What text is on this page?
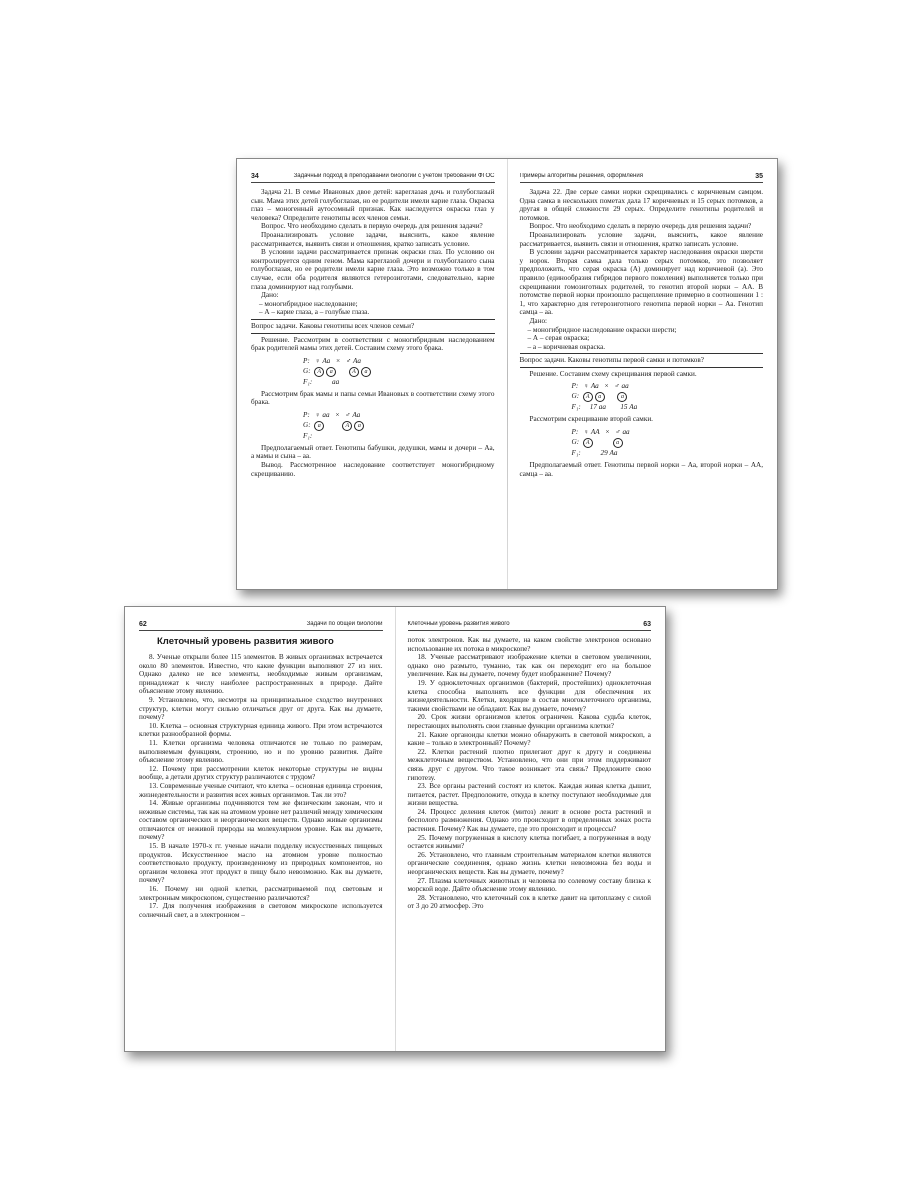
34	Задачный подход в преподавании биологии с учетом требований ФГОС

Задача 21. В семье Ивановых двое детей: кареглазая дочь и голубоглазый сын. Мама этих детей голубоглазая, но ее родители имели карие глаза. Окраска глаз – моногенный аутосомный признак. Как наследуется окраска глаз у человека? Определите генотипы всех членов семьи.

Вопрос. Что необходимо сделать в первую очередь для решения задачи?

Проанализировать условие задачи, выяснить, какое явление рассматривается, выявить связи и отношения, кратко записать условие.

В условии задачи рассматривается признак окраски глаз. По условию он контролируется одним геном. Мама кареглазой дочери и голубоглазого сына голубоглазая, но ее родители имели карие глаза. Это возможно только в том случае, если оба родителя являются гетерозиготами, следовательно, карие глаза доминируют над голубыми.

Дано:

– моногибридное наследование;
– А – карие глаза, а – голубые глаза.

Вопрос задачи. Каковы генотипы всех членов семьи?

Решение. Рассмотрим в соответствии с моногибридным наследованием брак родителей мамы этих детей. Составим схему этого брака.

P:   ♀ Аа   ×   ♂ Аа
G: А а	А а
F₁:           аа

Рассмотрим брак мамы и папы семьи Ивановых в соответствии схему этого брака.

P:   ♀ аа   ×   ♂ Аа
G: а	А а
F₁:

Предполагаемый ответ. Генотипы бабушки, дедушки, мамы и дочери – Аа, а мамы и сына – аа.

Вывод. Рассмотренное наследование соответствует моногибридному скрещиванию.

Примеры алгоритмы решения, оформления	35

Задача 22. Две серые самки норки скрещивались с коричневым самцом. Одна самка в нескольких пометах дала 17 коричневых и 15 серых потомков, а другая в общей сложности 29 серых. Определите генотипы родителей и потомков.

Вопрос. Что необходимо сделать в первую очередь для решения задачи?

Проанализировать условие задачи, выяснить, какое явление рассматривается, выявить связи и отношения, кратко записать условие.

В условии задачи рассматривается характер наследования окраски шерсти у норок. Вторая самка дала только серых потомков, это позволяет предположить, что серая окраска (А) доминирует над коричневой (а). Это правило (единообразия гибридов первого поколения) выполняется только при скрещивании гомозиготных родителей, то генотип второй норки – АА. В потомстве первой норки произошло расщепление примерно в соотношении 1 : 1, что характерно для гетерозиготного генотипа первой норки – Аа. Генотип самца – аа.

Дано:

– моногибридное наследование окраски шерсти;
– А – серая окраска;
– а – коричневая окраска.

Вопрос задачи. Каковы генотипы первой самки и потомков?

Решение. Составим схему скрещивания первой самки.

P:   ♀ Аа   ×   ♂ аа
G: А а	а
F₁:     17 аа        15 Аа

Рассмотрим скрещивание второй самки.

P:   ♀ АА   ×   ♂ аа
G: А	а
F₁:           29 Аа

Предполагаемый ответ. Генотипы первой норки – Аа, второй норки – АА, самца – аа.

62	Задачи по общей биологии
Клеточный уровень развития живого

8. Ученые открыли более 115 элементов. В живых организмах встречается около 80 элементов. Известно, что какие функции выполняют 27 из них. Однако далеко не все элементы, необходимые живым организмам, принадлежат к числу наиболее распространенных в природе. Дайте объяснение этому явлению.

9. Установлено, что, несмотря на принципиальное сходство внутренних структур, клетки могут сильно отличаться друг от друга. Как вы думаете, почему?

10. Клетка – основная структурная единица живого. При этом встречаются клетки разнообразной формы.

11. Клетки организма человека отличаются не только по размерам, выполняемым функциям, строению, но и по уровню развития. Дайте объяснение этому явлению.

12. Почему при рассмотрении клеток некоторые структуры не видны вообще, а детали других структур различаются с трудом?

13. Современные ученые считают, что клетка – основная единица строения, жизнедеятельности и развития всех живых организмов. Так ли это?

14. Живые организмы подчиняются тем же физическим законам, что и неживые системы, так как на атомном уровне нет различий между химическим составом органических и неорганических веществ. Однако живые организмы отличаются от неживой природы на молекулярном уровне. Как вы думаете, почему?

15. В начале 1970-х гг. ученые начали подделку искусственных пищевых продуктов. Искусственное масло на атомном уровне полностью соответствовало продукту, произведенному из природных компонентов, но организм человека этот продукт в пищу было невозможно. Как вы думаете, почему?

16. Почему ни одной клетки, рассматриваемой под световым и электронным микроскопом, существенно различаются?

17. Для получения изображения в световом микроскопе используется солнечный свет, а в электронном –

Клеточный уровень развития живого	63

поток электронов. Как вы думаете, на каком свойстве электронов основано использование их потока в микроскопе?

18. Ученые рассматривают изображение клетки в световом увеличении, однако оно размыто, туманно, так как он переходит его на большое увеличение. Как вы думаете, почему будет изображение? Почему?

19. У одноклеточных организмов (бактерий, простейших) одноклеточная клетка способна выполнять все функции для обеспечения их жизнедеятельности. Клетки, входящие в состав многоклеточного организма, такими свойствами не обладают. Как вы думаете, почему?

20. Срок жизни организмов клеток ограничен. Какова судьба клеток, перестающих выполнять свои главные функции организма клетки?

21. Какие органоиды клетки можно обнаружить в световой микроскоп, а какие – только в электронный? Почему?

22. Клетки растений плотно прилегают друг к другу и соединены межклеточным веществом. Установлено, что они при этом поддерживают связь друг с другом. Что такое возникает эта связь? Предложите свою гипотезу.

23. Все органы растений состоят из клеток. Каждая живая клетка дышит, питается, растет. Предположите, откуда в клетку поступают необходимые для жизни вещества.

24. Процесс деления клеток (митоз) лежит в основе роста растений и бесполого размножения. Однако это происходит в определенных зонах роста растения. Почему? Как вы думаете, где это происходит и процессы?

25. Почему погруженная в кислоту клетка погибает, а погруженная в воду остается живыми?

26. Установлено, что главным строительным материалом клетки являются органические соединения, однако жизнь клетки невозможна без воды и неорганических веществ. Как вы думаете, почему?

27. Плазма клеточных животных и человека по солевому составу близка к морской воде. Дайте объяснение этому явлению.

28. Установлено, что клеточный сок в клетке давит на цитоплазму с силой от 3 до 20 атмосфер. Это
